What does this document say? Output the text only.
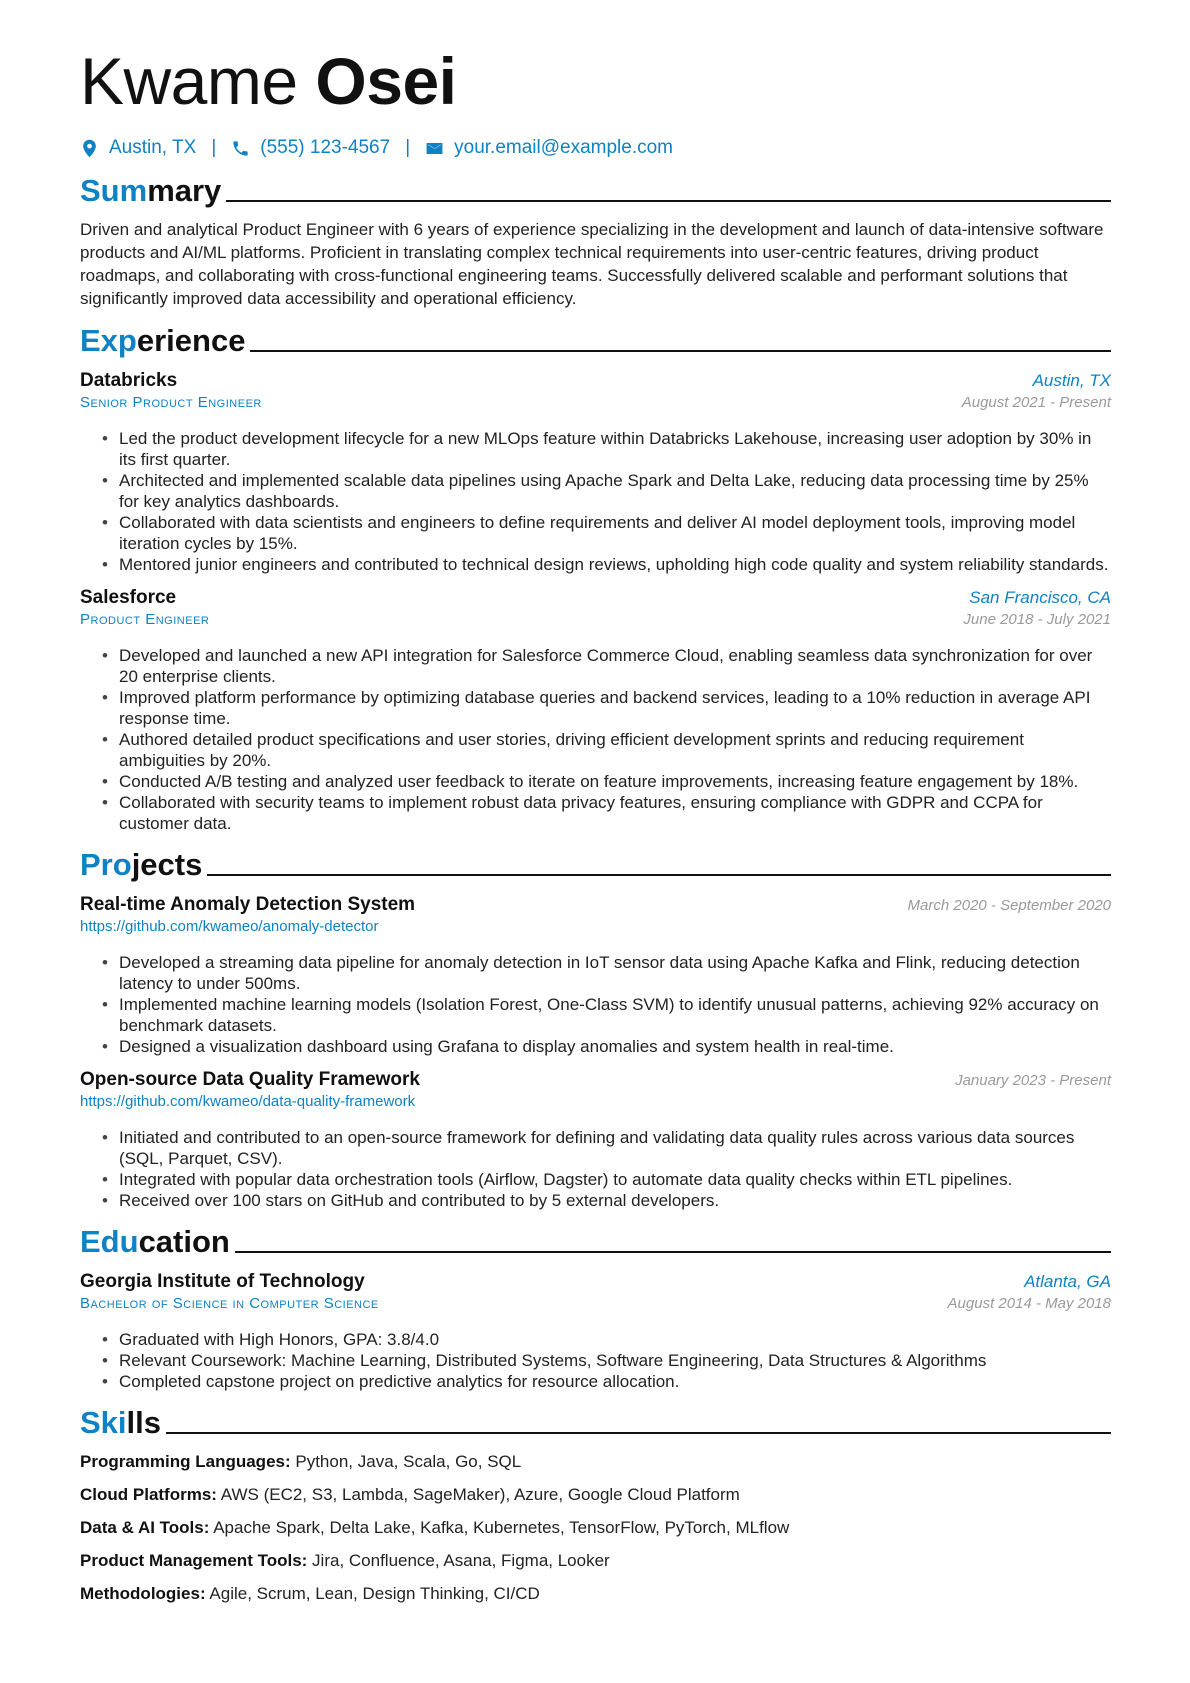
Kwame Osei
Austin, TX | (555) 123-4567 | your.email@example.com
Summary

Driven and analytical Product Engineer with 6 years of experience specializing in the development and launch of data-intensive software products and AI/ML platforms. Proficient in translating complex technical requirements into user-centric features, driving product roadmaps, and collaborating with cross-functional engineering teams. Successfully delivered scalable and performant solutions that significantly improved data accessibility and operational efficiency.

Experience
Databricks	Austin, TX
Senior Product Engineer	August 2021 - Present
• Led the product development lifecycle for a new MLOps feature within Databricks Lakehouse, increasing user adoption by 30% in its first quarter.
• Architected and implemented scalable data pipelines using Apache Spark and Delta Lake, reducing data processing time by 25% for key analytics dashboards.
• Collaborated with data scientists and engineers to define requirements and deliver AI model deployment tools, improving model iteration cycles by 15%.
• Mentored junior engineers and contributed to technical design reviews, upholding high code quality and system reliability standards.
Salesforce	San Francisco, CA
Product Engineer	June 2018 - July 2021
• Developed and launched a new API integration for Salesforce Commerce Cloud, enabling seamless data synchronization for over 20 enterprise clients.
• Improved platform performance by optimizing database queries and backend services, leading to a 10% reduction in average API response time.
• Authored detailed product specifications and user stories, driving efficient development sprints and reducing requirement ambiguities by 20%.
• Conducted A/B testing and analyzed user feedback to iterate on feature improvements, increasing feature engagement by 18%.
• Collaborated with security teams to implement robust data privacy features, ensuring compliance with GDPR and CCPA for customer data.
Projects
Real-time Anomaly Detection System	March 2020 - September 2020
https://github.com/kwameo/anomaly-detector
• Developed a streaming data pipeline for anomaly detection in IoT sensor data using Apache Kafka and Flink, reducing detection latency to under 500ms.
• Implemented machine learning models (Isolation Forest, One-Class SVM) to identify unusual patterns, achieving 92% accuracy on benchmark datasets.
• Designed a visualization dashboard using Grafana to display anomalies and system health in real-time.
Open-source Data Quality Framework	January 2023 - Present
https://github.com/kwameo/data-quality-framework
• Initiated and contributed to an open-source framework for defining and validating data quality rules across various data sources (SQL, Parquet, CSV).
• Integrated with popular data orchestration tools (Airflow, Dagster) to automate data quality checks within ETL pipelines.
• Received over 100 stars on GitHub and contributed to by 5 external developers.
Education
Georgia Institute of Technology	Atlanta, GA
Bachelor of Science in Computer Science	August 2014 - May 2018
• Graduated with High Honors, GPA: 3.8/4.0
• Relevant Coursework: Machine Learning, Distributed Systems, Software Engineering, Data Structures & Algorithms
• Completed capstone project on predictive analytics for resource allocation.
Skills
Programming Languages: Python, Java, Scala, Go, SQL
Cloud Platforms: AWS (EC2, S3, Lambda, SageMaker), Azure, Google Cloud Platform
Data & AI Tools: Apache Spark, Delta Lake, Kafka, Kubernetes, TensorFlow, PyTorch, MLflow
Product Management Tools: Jira, Confluence, Asana, Figma, Looker
Methodologies: Agile, Scrum, Lean, Design Thinking, CI/CD
